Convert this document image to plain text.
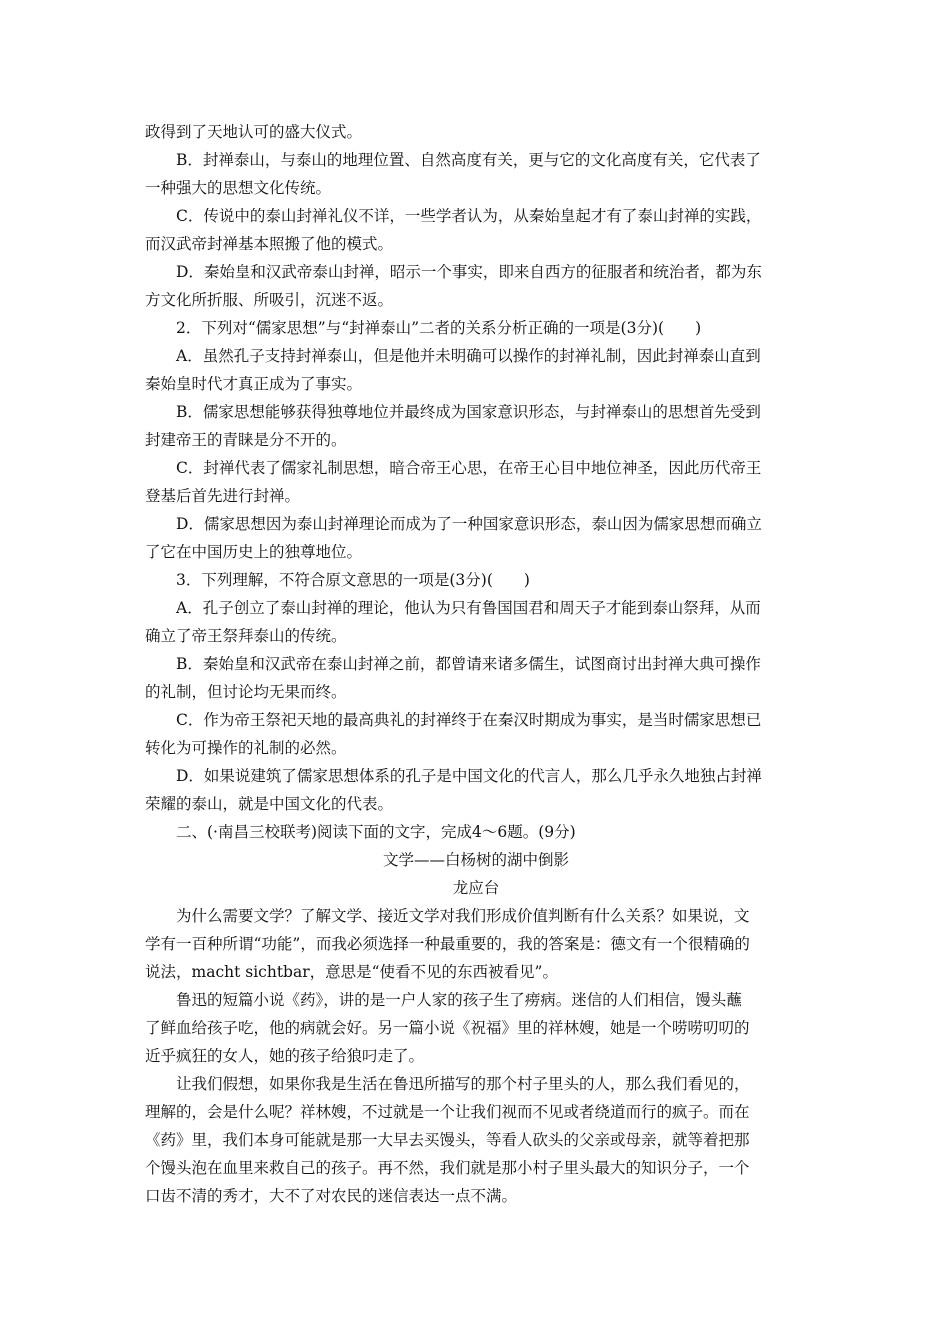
政得到了天地认可的盛大仪式。
B．封禅泰山，与泰山的地理位置、自然高度有关，更与它的文化高度有关，它代表了
一种强大的思想文化传统。
C．传说中的泰山封禅礼仪不详，一些学者认为，从秦始皇起才有了泰山封禅的实践，
而汉武帝封禅基本照搬了他的模式。
D．秦始皇和汉武帝泰山封禅，昭示一个事实，即来自西方的征服者和统治者，都为东
方文化所折服、所吸引，沉迷不返。
2．下列对“儒家思想”与“封禅泰山”二者的关系分析正确的一项是(3分)(　　)
A．虽然孔子支持封禅泰山，但是他并未明确可以操作的封禅礼制，因此封禅泰山直到
秦始皇时代才真正成为了事实。
B．儒家思想能够获得独尊地位并最终成为国家意识形态，与封禅泰山的思想首先受到
封建帝王的青睐是分不开的。
C．封禅代表了儒家礼制思想，暗合帝王心思，在帝王心目中地位神圣，因此历代帝王
登基后首先进行封禅。
D．儒家思想因为泰山封禅理论而成为了一种国家意识形态，泰山因为儒家思想而确立
了它在中国历史上的独尊地位。
3．下列理解，不符合原文意思的一项是(3分)(　　)
A．孔子创立了泰山封禅的理论，他认为只有鲁国国君和周天子才能到泰山祭拜，从而
确立了帝王祭拜泰山的传统。
B．秦始皇和汉武帝在泰山封禅之前，都曾请来诸多儒生，试图商讨出封禅大典可操作
的礼制，但讨论均无果而终。
C．作为帝王祭祀天地的最高典礼的封禅终于在秦汉时期成为事实，是当时儒家思想已
转化为可操作的礼制的必然。
D．如果说建筑了儒家思想体系的孔子是中国文化的代言人，那么几乎永久地独占封禅
荣耀的泰山，就是中国文化的代表。
二、(·南昌三校联考)阅读下面的文字，完成4～6题。(9分)
文学——白杨树的湖中倒影
龙应台
为什么需要文学？了解文学、接近文学对我们形成价值判断有什么关系？如果说，文
学有一百种所谓“功能”，而我必须选择一种最重要的，我的答案是：德文有一个很精确的
说法，macht sichtbar，意思是“使看不见的东西被看见”。
鲁迅的短篇小说《药》，讲的是一户人家的孩子生了痨病。迷信的人们相信，馒头蘸
了鲜血给孩子吃，他的病就会好。另一篇小说《祝福》里的祥林嫂，她是一个唠唠叨叨的
近乎疯狂的女人，她的孩子给狼叼走了。
让我们假想，如果你我是生活在鲁迅所描写的那个村子里头的人，那么我们看见的，
理解的，会是什么呢？祥林嫂，不过就是一个让我们视而不见或者绕道而行的疯子。而在
《药》里，我们本身可能就是那一大早去买馒头，等看人砍头的父亲或母亲，就等着把那
个馒头泡在血里来救自己的孩子。再不然，我们就是那小村子里头最大的知识分子，一个
口齿不清的秀才，大不了对农民的迷信表达一点不满。
